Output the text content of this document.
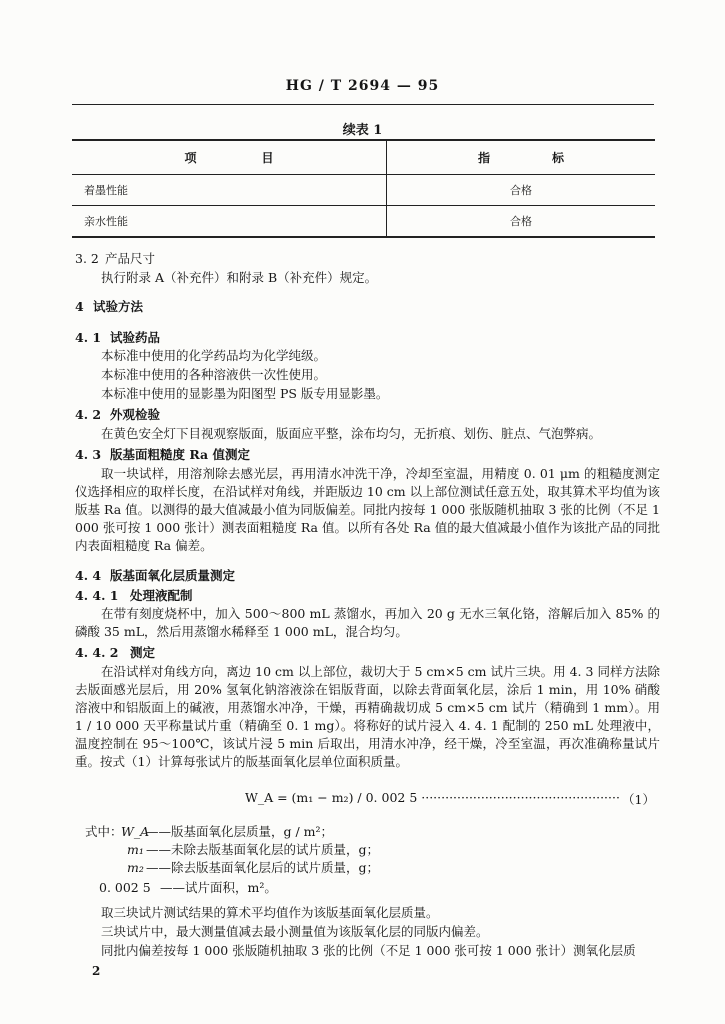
HG / T 2694 — 95
续表 1
项 目	指 标

着墨性能	合格
亲水性能	合格
3. 2 产品尺寸
执行附录 A（补充件）和附录 B（补充件）规定。
4 试验方法
4. 1 试验药品
本标准中使用的化学药品均为化学纯级。
本标准中使用的各种溶液供一次性使用。
本标准中使用的显影墨为阳图型 PS 版专用显影墨。
4. 2 外观检验
在黄色安全灯下目视观察版面，版面应平整，涂布均匀，无折痕、划伤、脏点、气泡弊病。
4. 3 版基面粗糙度 Ra 值测定
取一块试样，用溶剂除去感光层，再用清水冲洗干净，冷却至室温，用精度 0. 01 μm 的粗糙度测定仪选择相应的取样长度，在沿试样对角线，并距版边 10 cm 以上部位测试任意五处，取其算术平均值为该版基 Ra 值。以测得的最大值减最小值为同版偏差。同批内按每 1 000 张版随机抽取 3 张的比例（不足 1 000 张可按 1 000 张计）测表面粗糙度 Ra 值。以所有各处 Ra 值的最大值减最小值作为该批产品的同批内表面粗糙度 Ra 偏差。
4. 4 版基面氧化层质量测定
4. 4. 1 处理液配制
在带有刻度烧杯中，加入 500～800 mL 蒸馏水，再加入 20 g 无水三氧化铬，溶解后加入 85% 的磷酸 35 mL，然后用蒸馏水稀释至 1 000 mL，混合均匀。
4. 4. 2 测定
在沿试样对角线方向，离边 10 cm 以上部位，裁切大于 5 cm×5 cm 试片三块。用 4. 3 同样方法除去版面感光层后，用 20% 氢氧化钠溶液涂在铝版背面，以除去背面氧化层，涂后 1 min，用 10% 硝酸溶液中和铝版面上的碱液，用蒸馏水冲净，干燥，再精确裁切成 5 cm×5 cm 试片（精确到 1 mm）。用 1 / 10 000 天平称量试片重（精确至 0. 1 mg）。将称好的试片浸入 4. 4. 1 配制的 250 mL 处理液中，温度控制在 95～100℃，该试片浸 5 min 后取出，用清水冲净，经干燥，冷至室温，再次准确称量试片重。按式（1）计算每张试片的版基面氧化层单位面积质量。
W_A = (m₁ − m₂) / 0. 002 5 ·················································· （1）
式中：
W_A
——版基面氧化层质量，g / m²；
m₁ ——未除去版基面氧化层的试片质量，g；
m₂ ——除去版基面氧化层后的试片质量，g；
0. 002 5 ——试片面积，m²。
取三块试片测试结果的算术平均值作为该版基面氧化层质量。
三块试片中，最大测量值减去最小测量值为该版氧化层的同版内偏差。
同批内偏差按每 1 000 张版随机抽取 3 张的比例（不足 1 000 张可按 1 000 张计）测氧化层质
2
